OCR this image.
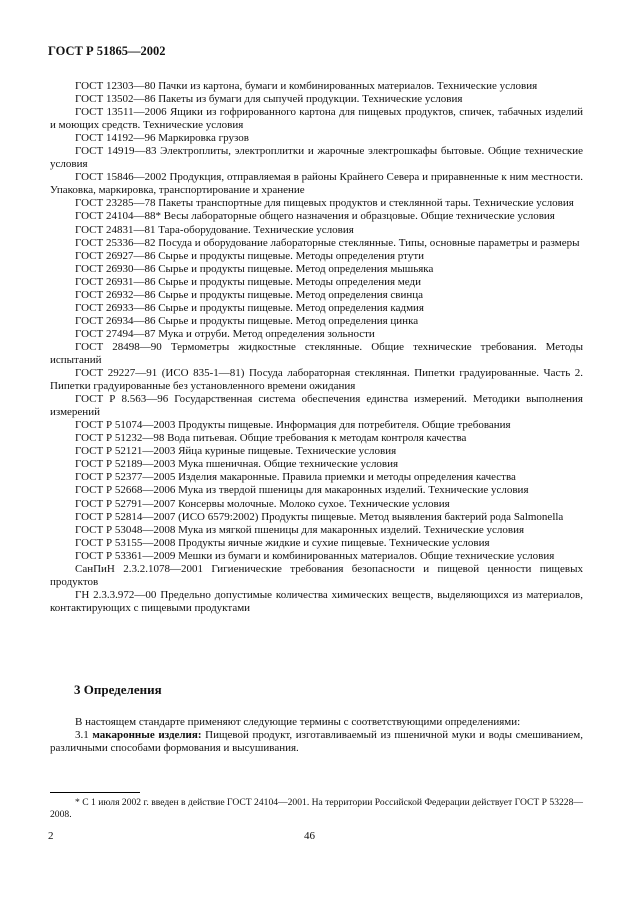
ГОСТ Р 51865—2002

ГОСТ 12303—80 Пачки из картона, бумаги и комбинированных материалов. Технические условия

ГОСТ 13502—86 Пакеты из бумаги для сыпучей продукции. Технические условия

ГОСТ 13511—2006 Ящики из гофрированного картона для пищевых продуктов, спичек, табачных изделий и моющих средств. Технические условия

ГОСТ 14192—96 Маркировка грузов

ГОСТ 14919—83 Электроплиты, электроплитки и жарочные электрошкафы бытовые. Общие технические условия

ГОСТ 15846—2002 Продукция, отправляемая в районы Крайнего Севера и приравненные к ним местности. Упаковка, маркировка, транспортирование и хранение

ГОСТ 23285—78 Пакеты транспортные для пищевых продуктов и стеклянной тары. Технические условия

ГОСТ 24104—88* Весы лабораторные общего назначения и образцовые. Общие технические условия

ГОСТ 24831—81 Тара-оборудование. Технические условия

ГОСТ 25336—82 Посуда и оборудование лабораторные стеклянные. Типы, основные параметры и размеры

ГОСТ 26927—86 Сырье и продукты пищевые. Методы определения ртути

ГОСТ 26930—86 Сырье и продукты пищевые. Метод определения мышьяка

ГОСТ 26931—86 Сырье и продукты пищевые. Методы определения меди

ГОСТ 26932—86 Сырье и продукты пищевые. Метод определения свинца

ГОСТ 26933—86 Сырье и продукты пищевые. Метод определения кадмия

ГОСТ 26934—86 Сырье и продукты пищевые. Метод определения цинка

ГОСТ 27494—87 Мука и отруби. Метод определения зольности

ГОСТ 28498—90 Термометры жидкостные стеклянные. Общие технические требования. Методы испытаний

ГОСТ 29227—91 (ИСО 835-1—81) Посуда лабораторная стеклянная. Пипетки градуированные. Часть 2. Пипетки градуированные без установленного времени ожидания

ГОСТ Р 8.563—96 Государственная система обеспечения единства измерений. Методики выполнения измерений

ГОСТ Р 51074—2003 Продукты пищевые. Информация для потребителя. Общие требования

ГОСТ Р 51232—98 Вода питьевая. Общие требования к методам контроля качества

ГОСТ Р 52121—2003 Яйца куриные пищевые. Технические условия

ГОСТ Р 52189—2003 Мука пшеничная. Общие технические условия

ГОСТ Р 52377—2005 Изделия макаронные. Правила приемки и методы определения качества

ГОСТ Р 52668—2006 Мука из твердой пшеницы для макаронных изделий. Технические условия

ГОСТ Р 52791—2007 Консервы молочные. Молоко сухое. Технические условия

ГОСТ Р 52814—2007 (ИСО 6579:2002) Продукты пищевые. Метод выявления бактерий рода Salmonella

ГОСТ Р 53048—2008 Мука из мягкой пшеницы для макаронных изделий. Технические условия

ГОСТ Р 53155—2008 Продукты яичные жидкие и сухие пищевые. Технические условия

ГОСТ Р 53361—2009 Мешки из бумаги и комбинированных материалов. Общие технические условия

СанПиН 2.3.2.1078—2001 Гигиенические требования безопасности и пищевой ценности пищевых продуктов

ГН 2.3.3.972—00 Предельно допустимые количества химических веществ, выделяющихся из материалов, контактирующих с пищевыми продуктами

3 Определения

В настоящем стандарте применяют следующие термины с соответствующими определениями:

3.1 макаронные изделия: Пищевой продукт, изготавливаемый из пшеничной муки и воды смешиванием, различными способами формования и высушивания.

* С 1 июля 2002 г. введен в действие ГОСТ 24104—2001. На территории Российской Федерации действует ГОСТ Р 53228—2008.
2	46
